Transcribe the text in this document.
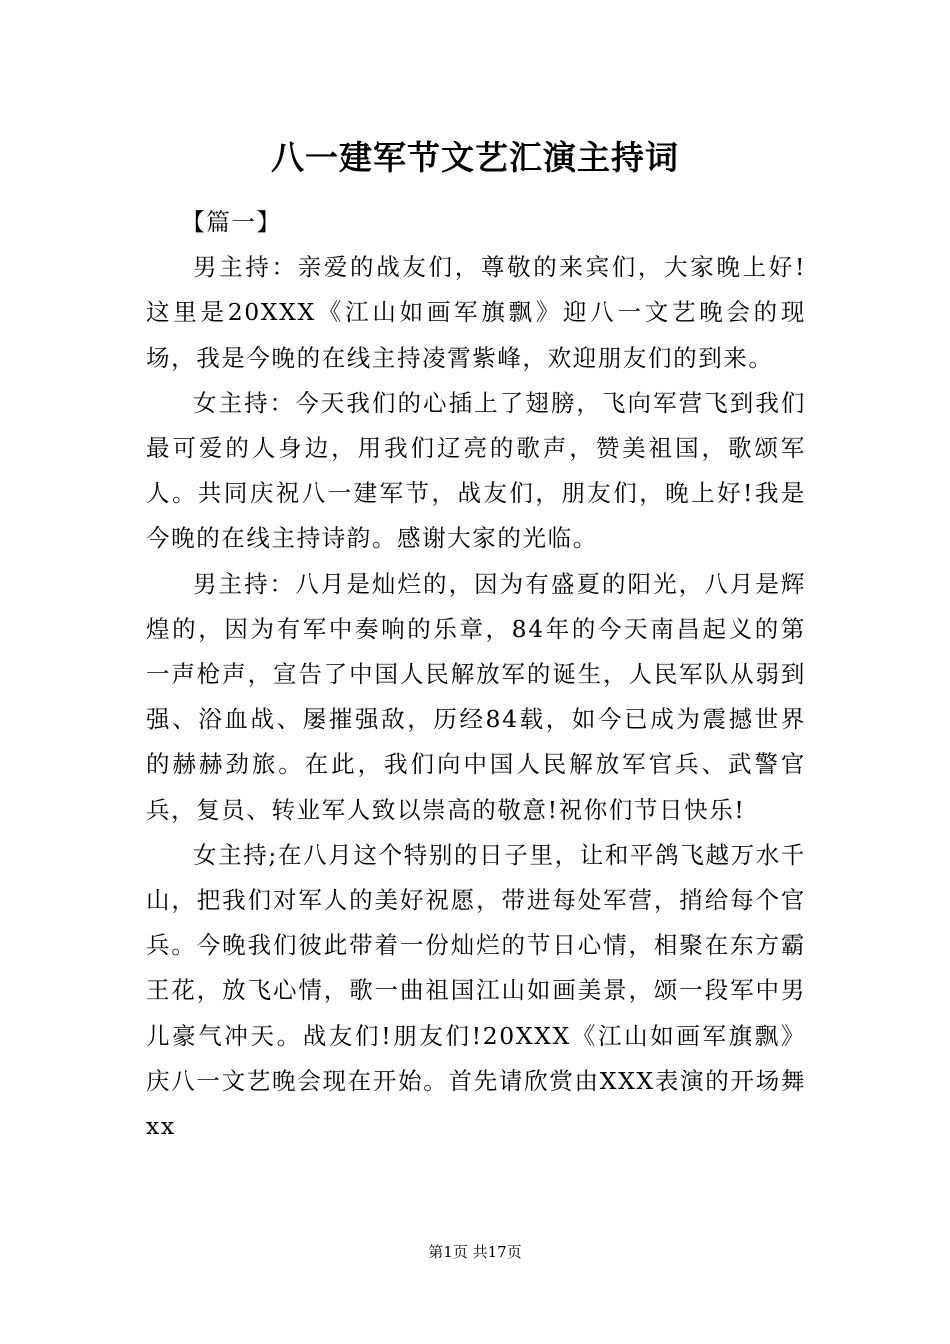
八一建军节文艺汇演主持词

【篇一】

男主持：亲爱的战友们，尊敬的来宾们，大家晚上好!这里是20XXX《江山如画军旗飘》迎八一文艺晚会的现场，我是今晚的在线主持凌霄紫峰，欢迎朋友们的到来。

女主持：今天我们的心插上了翅膀，飞向军营飞到我们最可爱的人身边，用我们辽亮的歌声，赞美祖国，歌颂军人。共同庆祝八一建军节，战友们，朋友们，晚上好!我是今晚的在线主持诗韵。感谢大家的光临。

男主持：八月是灿烂的，因为有盛夏的阳光，八月是辉煌的，因为有军中奏响的乐章，84年的今天南昌起义的第一声枪声，宣告了中国人民解放军的诞生，人民军队从弱到强、浴血战、屡摧强敌，历经84载，如今已成为震撼世界的赫赫劲旅。在此，我们向中国人民解放军官兵、武警官兵，复员、转业军人致以崇高的敬意!祝你们节日快乐!

女主持;在八月这个特别的日子里，让和平鸽飞越万水千山，把我们对军人的美好祝愿，带进每处军营，捎给每个官兵。今晚我们彼此带着一份灿烂的节日心情，相聚在东方霸王花，放飞心情，歌一曲祖国江山如画美景，颂一段军中男儿豪气冲天。战友们!朋友们!20XXX《江山如画军旗飘》庆八一文艺晚会现在开始。首先请欣赏由XXX表演的开场舞xx

第1页 共17页
